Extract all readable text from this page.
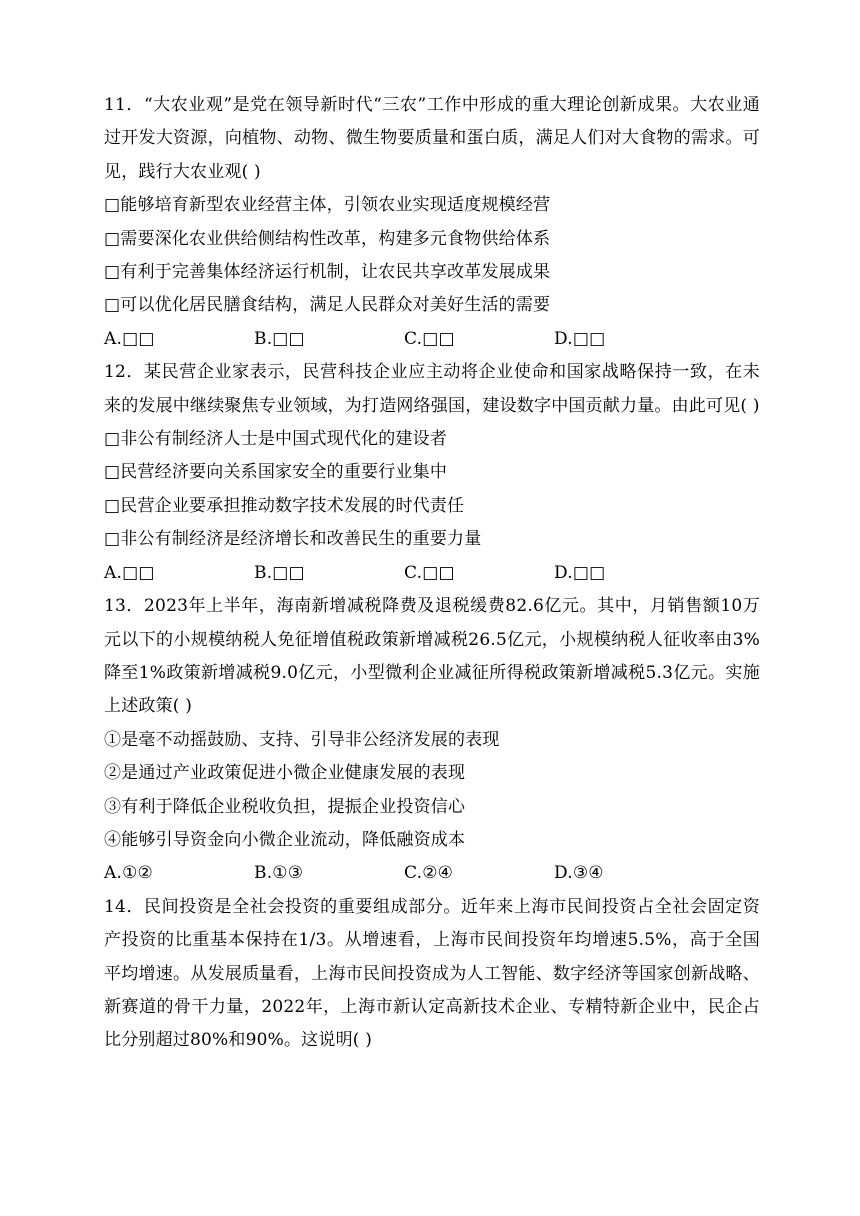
11．“大农业观”是党在领导新时代“三农”工作中形成的重大理论创新成果。大农业通过开发大资源，向植物、动物、微生物要质量和蛋白质，满足人们对大食物的需求。可见，践行大农业观( )
□能够培育新型农业经营主体，引领农业实现适度规模经营
□需要深化农业供给侧结构性改革，构建多元食物供给体系
□有利于完善集体经济运行机制，让农民共享改革发展成果
□可以优化居民膳食结构，满足人民群众对美好生活的需要
A.□□	B.□□	C.□□	D.□□
12．某民营企业家表示，民营科技企业应主动将企业使命和国家战略保持一致，在未来的发展中继续聚焦专业领域，为打造网络强国，建设数字中国贡献力量。由此可见( )
□非公有制经济人士是中国式现代化的建设者
□民营经济要向关系国家安全的重要行业集中
□民营企业要承担推动数字技术发展的时代责任
□非公有制经济是经济增长和改善民生的重要力量
A.□□	B.□□	C.□□	D.□□
13．2023年上半年，海南新增减税降费及退税缓费82.6亿元。其中，月销售额10万元以下的小规模纳税人免征增值税政策新增减税26.5亿元，小规模纳税人征收率由3%降至1%政策新增减税9.0亿元，小型微利企业减征所得税政策新增减税5.3亿元。实施上述政策( )
①是毫不动摇鼓励、支持、引导非公经济发展的表现
②是通过产业政策促进小微企业健康发展的表现
③有利于降低企业税收负担，提振企业投资信心
④能够引导资金向小微企业流动，降低融资成本
A.①②	B.①③	C.②④	D.③④
14．民间投资是全社会投资的重要组成部分。近年来上海市民间投资占全社会固定资产投资的比重基本保持在1/3。从增速看，上海市民间投资年均增速5.5%，高于全国平均增速。从发展质量看，上海市民间投资成为人工智能、数字经济等国家创新战略、新赛道的骨干力量，2022年，上海市新认定高新技术企业、专精特新企业中，民企占比分别超过80%和90%。这说明( )
